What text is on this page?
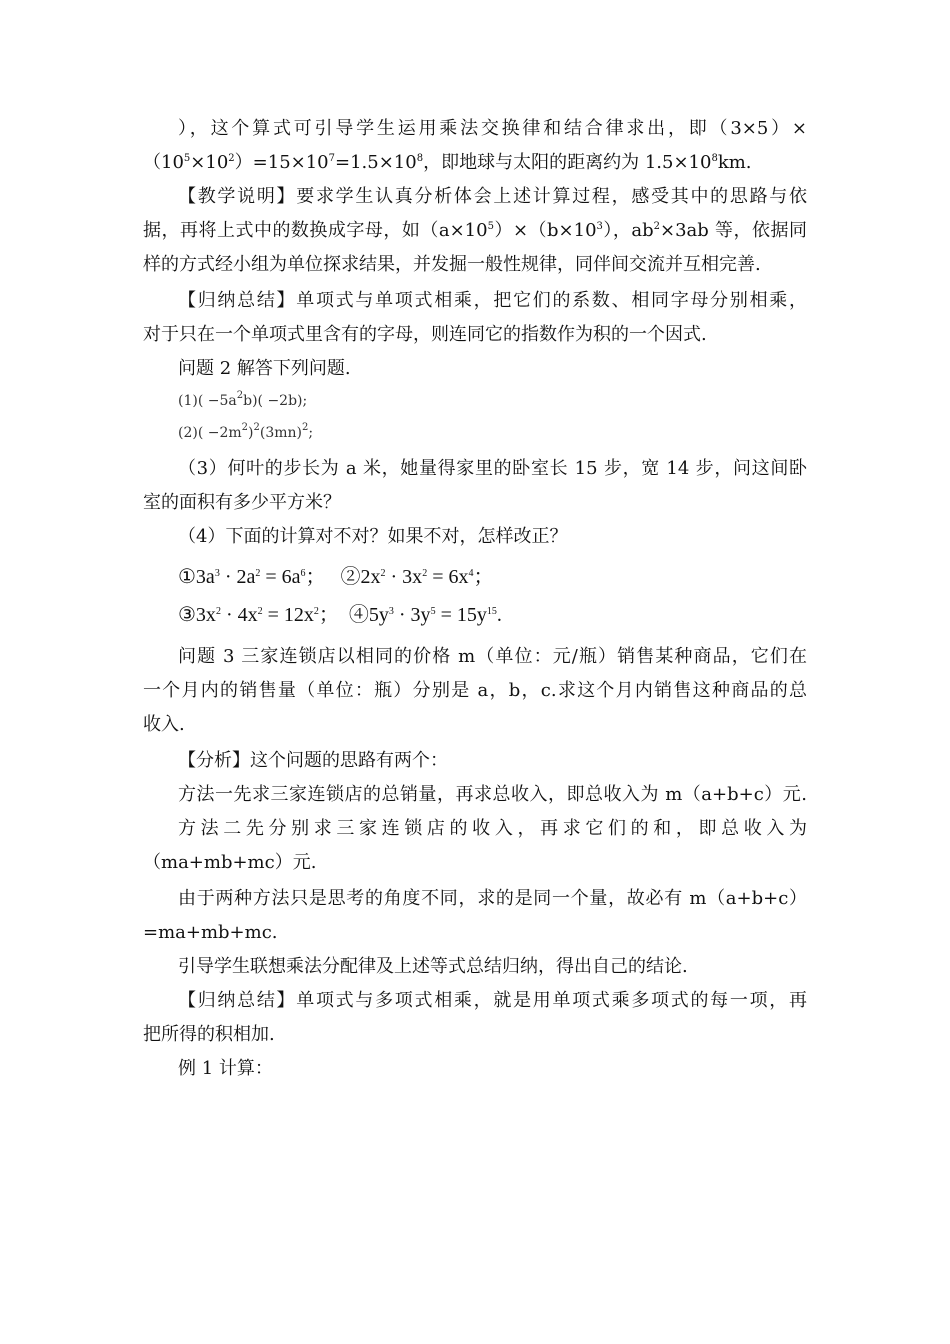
），这个算式可引导学生运用乘法交换律和结合律求出，即（3×5）×
$(10^5\times 10^2)=15\times 10^7=1.5\times 10^8$，即地球与太阳的距离约为 $1.5\times 10^8km$.
【教学说明】要求学生认真分析体会上述计算过程，感受其中的思路与依
据，再将上式中的数换成字母，如$(a\times 10^5)\times(b\times 10^3)$，$ab^2\times 3ab$ 等，依据同
样的方式经小组为单位探求结果，并发掘一般性规律，同伴间交流并互相完善.
【归纳总结】单项式与单项式相乘，把它们的系数、相同字母分别相乘，
对于只在一个单项式里含有的字母，则连同它的指数作为积的一个因式.
问题 2 解答下列问题.
$(1)( -5a^2b)( -2b)$;
$(2)( -2m^2)^2(3mn)^2$;
（3）何叶的步长为 a 米，她量得家里的卧室长 15 步，宽 14 步，问这间卧
室的面积有多少平方米？
（4）下面的计算对不对？如果不对，怎样改正？
$①3a^3 \cdot 2a^2 = 6a^6$； $②2x^2 \cdot 3x^2 = 6x^4$；
$③3x^2 \cdot 4x^2 = 12x^2$； $④5y^3 \cdot 3y^5 = 15y^{15}$.
问题 3 三家连锁店以相同的价格 m（单位：元/瓶）销售某种商品，它们在
一个月内的销售量（单位：瓶）分别是 a，b，c.求这个月内销售这种商品的总
收入.
【分析】这个问题的思路有两个：
方法一先求三家连锁店的总销量，再求总收入，即总收入为 m（a+b+c）元.
方法二先分别求三家连锁店的收入，再求它们的和，即总收入为
（ma+mb+mc）元.
由于两种方法只是思考的角度不同，求的是同一个量，故必有 m（a+b+c）
=ma+mb+mc.
引导学生联想乘法分配律及上述等式总结归纳，得出自己的结论.
【归纳总结】单项式与多项式相乘，就是用单项式乘多项式的每一项，再
把所得的积相加.
例 1 计算：
